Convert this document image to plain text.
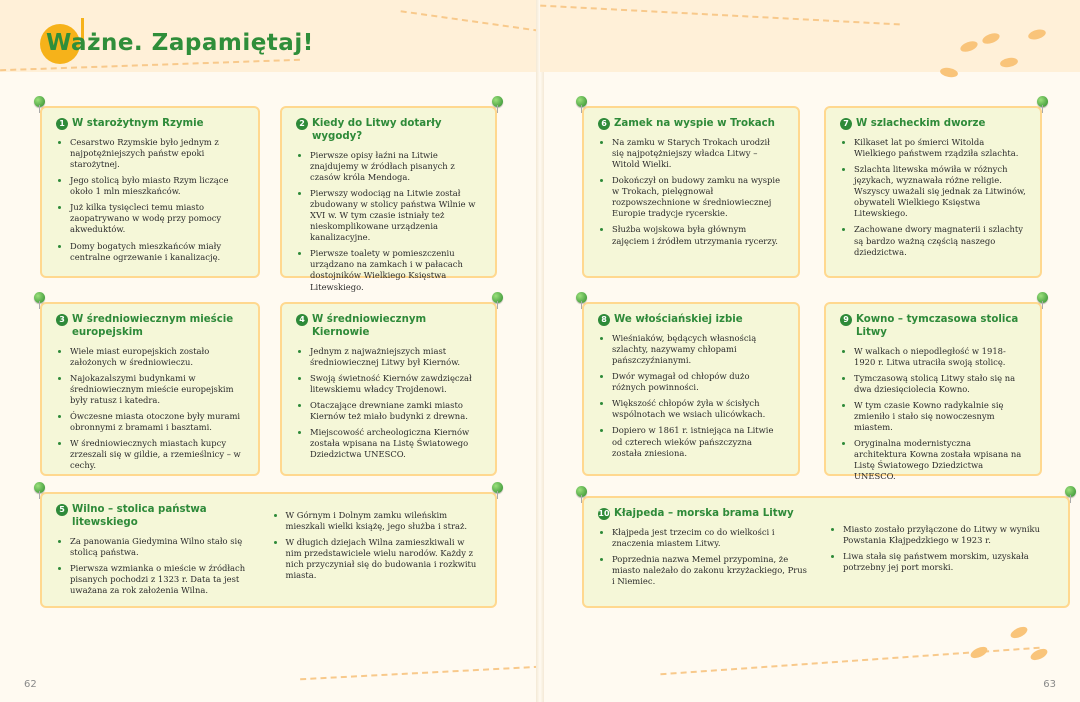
Ważne. Zapamiętaj!
1 W starożytnym Rzymie
• Cesarstwo Rzymskie było jednym z najpotężniejszych państw epoki starożytnej.
• Jego stolicą było miasto Rzym liczące około 1 mln mieszkańców.
• Już kilka tysięcleci temu miasto zaopatrywano w wodę przy pomocy akweduktów.
• Domy bogatych mieszkańców miały centralne ogrzewanie i kanalizację.
2 Kiedy do Litwy dotarły wygody?
• Pierwsze opisy łaźni na Litwie znajdujemy w źródłach pisanych z czasów króla Mendoga.
• Pierwszy wodociąg na Litwie został zbudowany w stolicy państwa Wilnie w XVI w. W tym czasie istniały też nieskomplikowane urządzenia kanalizacyjne.
• Pierwsze toalety w pomieszczeniu urządzano na zamkach i w pałacach dostojników Wielkiego Księstwa Litewskiego.
3 W średniowiecznym mieście europejskim
• Wiele miast europejskich zostało założonych w średniowieczu.
• Najokazalszymi budynkami w średniowiecznym mieście europejskim były ratusz i katedra.
• Ówczesne miasta otoczone były murami obronnymi z bramami i basztami.
• W średniowiecznych miastach kupcy zrzeszali się w gildie, a rzemieślnicy – w cechy.
4 W średniowiecznym Kiernowie
• Jednym z najważniejszych miast średniowiecznej Litwy był Kiernów.
• Swoją świetność Kiernów zawdzięczał litewskiemu władcy Trojdenowi.
• Otaczające drewniane zamki miasto Kiernów też miało budynki z drewna.
• Miejscowość archeologiczna Kiernów została wpisana na Listę Światowego Dziedzictwa UNESCO.
5 Wilno – stolica państwa litewskiego
• Za panowania Giedymina Wilno stało się stolicą państwa.
• Pierwsza wzmianka o mieście w źródłach pisanych pochodzi z 1323 r. Data ta jest uważana za rok założenia Wilna.
• W Górnym i Dolnym zamku wileńskim mieszkali wielki książę, jego służba i straż.
• W długich dziejach Wilna zamieszkiwali w nim przedstawiciele wielu narodów. Każdy z nich przyczyniał się do budowania i rozkwitu miasta.
62
6 Zamek na wyspie w Trokach
• Na zamku w Starych Trokach urodził się najpotężniejszy władca Litwy – Witold Wielki.
• Dokończył on budowy zamku na wyspie w Trokach, pielęgnował rozpowszechnione w średniowiecznej Europie tradycje rycerskie.
• Służba wojskowa była głównym zajęciem i źródłem utrzymania rycerzy.
7 W szlacheckim dworze
• Kilkaset lat po śmierci Witolda Wielkiego państwem rządziła szlachta.
• Szlachta litewska mówiła w różnych językach, wyznawała różne religie. Wszyscy uważali się jednak za Litwinów, obywateli Wielkiego Księstwa Litewskiego.
• Zachowane dwory magnaterii i szlachty są bardzo ważną częścią naszego dziedzictwa.
8 We włościańskiej izbie
• Wieśniaków, będących własnością szlachty, nazywamy chłopami pańszczyźnianymi.
• Dwór wymagał od chłopów dużo różnych powinności.
• Większość chłopów żyła w ścisłych wspólnotach we wsiach ulicówkach.
• Dopiero w 1861 r. istniejąca na Litwie od czterech wieków pańszczyzna została zniesiona.
9 Kowno – tymczasowa stolica Litwy
• W walkach o niepodległość w 1918-1920 r. Litwa utraciła swoją stolicę.
• Tymczasową stolicą Litwy stało się na dwa dziesięciolecia Kowno.
• W tym czasie Kowno radykalnie się zmieniło i stało się nowoczesnym miastem.
• Oryginalna modernistyczna architektura Kowna została wpisana na Listę Światowego Dziedzictwa UNESCO.
10 Kłajpeda – morska brama Litwy
• Kłajpeda jest trzecim co do wielkości i znaczenia miastem Litwy.
• Poprzednia nazwa Memel przypomina, że miasto należało do zakonu krzyżackiego, Prus i Niemiec.
• Miasto zostało przyłączone do Litwy w wyniku Powstania Kłajpedzkiego w 1923 r.
• Liwa stała się państwem morskim, uzyskała potrzebny jej port morski.
63
